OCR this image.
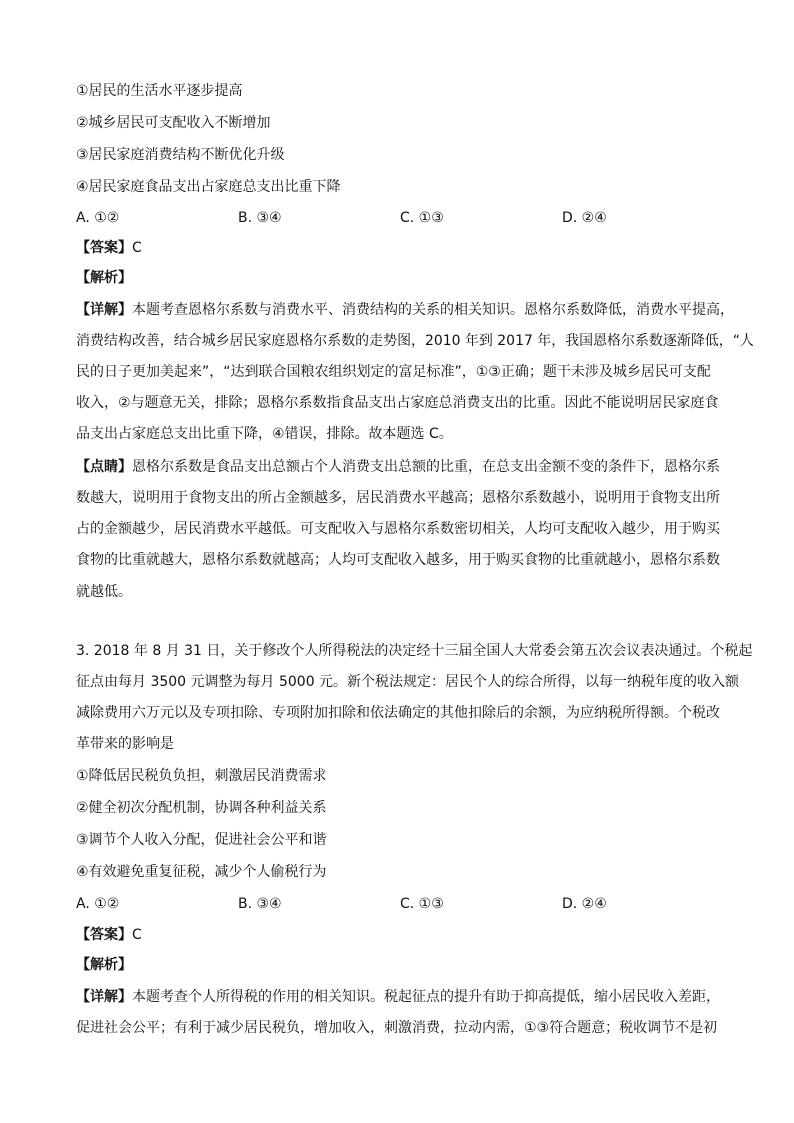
①居民的生活水平逐步提高
②城乡居民可支配收入不断增加
③居民家庭消费结构不断优化升级
④居民家庭食品支出占家庭总支出比重下降
A. ①②	B. ③④	C. ①③	D. ②④
【答案】C
【解析】
【详解】本题考查恩格尔系数与消费水平、消费结构的关系的相关知识。恩格尔系数降低，消费水平提高，
消费结构改善，结合城乡居民家庭恩格尔系数的走势图，2010 年到 2017 年，我国恩格尔系数逐渐降低，“人
民的日子更加美起来”，“达到联合国粮农组织划定的富足标准”，①③正确；题干未涉及城乡居民可支配
收入，②与题意无关，排除；恩格尔系数指食品支出占家庭总消费支出的比重。因此不能说明居民家庭食
品支出占家庭总支出比重下降，④错误，排除。故本题选 C。
【点睛】恩格尔系数是食品支出总额占个人消费支出总额的比重，在总支出金额不变的条件下，恩格尔系
数越大，说明用于食物支出的所占金额越多，居民消费水平越高；恩格尔系数越小，说明用于食物支出所
占的金额越少，居民消费水平越低。可支配收入与恩格尔系数密切相关，人均可支配收入越少，用于购买
食物的比重就越大，恩格尔系数就越高；人均可支配收入越多，用于购买食物的比重就越小，恩格尔系数
就越低。
3. 2018 年 8 月 31 日，关于修改个人所得税法的决定经十三届全国人大常委会第五次会议表决通过。个税起
征点由每月 3500 元调整为每月 5000 元。新个税法规定：居民个人的综合所得，以每一纳税年度的收入额
减除费用六万元以及专项扣除、专项附加扣除和依法确定的其他扣除后的余额，为应纳税所得额。个税改
革带来的影响是
①降低居民税负负担，刺激居民消费需求
②健全初次分配机制，协调各种利益关系
③调节个人收入分配，促进社会公平和谐
④有效避免重复征税，减少个人偷税行为
A. ①②	B. ③④	C. ①③	D. ②④
【答案】C
【解析】
【详解】本题考查个人所得税的作用的相关知识。税起征点的提升有助于抑高提低，缩小居民收入差距，
促进社会公平；有利于减少居民税负，增加收入，刺激消费，拉动内需，①③符合题意；税收调节不是初
